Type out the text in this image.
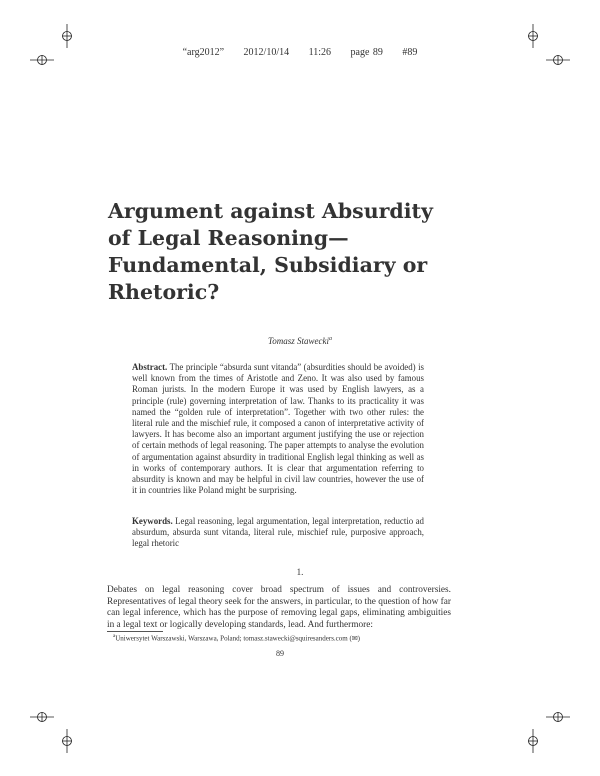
“arg2012” 2012/10/14 11:26 page 89 #89
Argument against Absurdity
of Legal Reasoning—
Fundamental, Subsidiary or
Rhetoric?
Tomasz Stawecki$^a$
Abstract. The principle “absurda sunt vitanda” (absurdities should be avoided) is well known from the times of Aristotle and Zeno. It was also used by famous Roman jurists. In the modern Europe it was used by English lawyers, as a principle (rule) governing interpretation of law. Thanks to its practicality it was named the “golden rule of interpretation”. Together with two other rules: the literal rule and the mischief rule, it composed a canon of interpretative activity of lawyers. It has become also an important argument justifying the use or rejection of certain methods of legal reasoning. The paper attempts to analyse the evolution of argumentation against absurdity in traditional English legal thinking as well as in works of contemporary authors. It is clear that argumentation referring to absurdity is known and may be helpful in civil law countries, however the use of it in countries like Poland might be surprising.
Keywords. Legal reasoning, legal argumentation, legal interpretation, reductio ad absurdum, absurda sunt vitanda, literal rule, mischief rule, purposive approach, legal rhetoric
1.
Debates on legal reasoning cover broad spectrum of issues and controversies. Representatives of legal theory seek for the answers, in particular, to the question of how far can legal inference, which has the purpose of removing legal gaps, eliminating ambiguities in a legal text or logically developing standards, lead. And furthermore:
$^a$Uniwersytet Warszawski, Warszawa, Poland; tomasz.stawecki@squiresanders.com (✉)
89
